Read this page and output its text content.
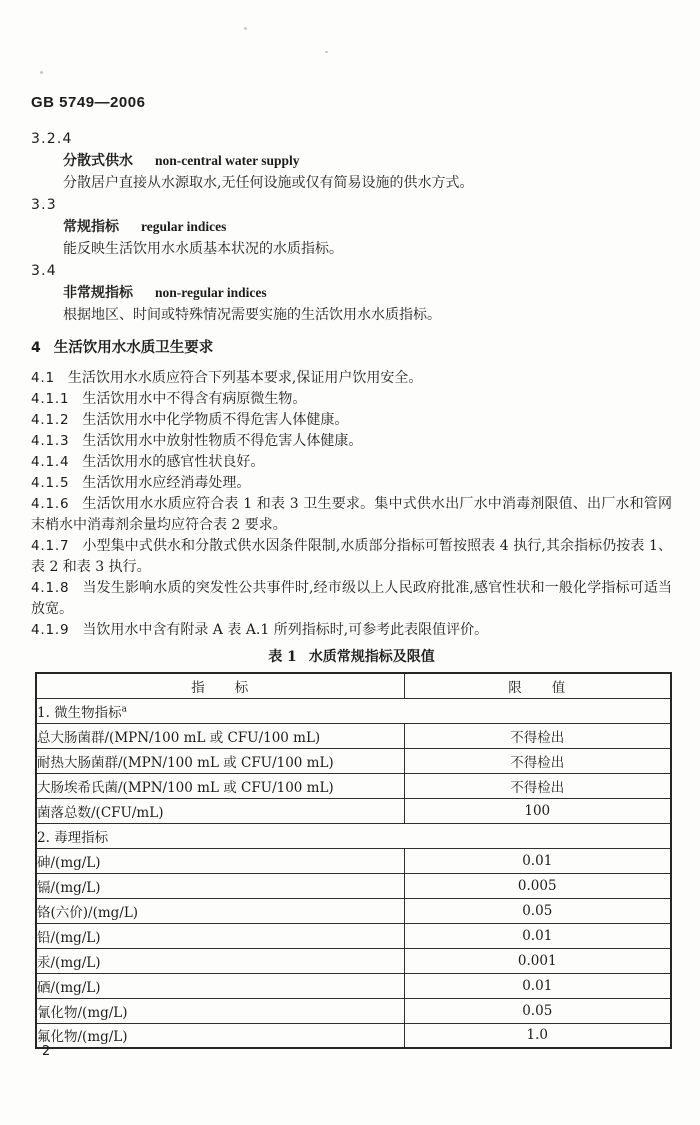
GB 5749—2006

3.2.4

分散式供水 non-central water supply

分散居户直接从水源取水,无任何设施或仅有简易设施的供水方式。

3.3

常规指标 regular indices

能反映生活饮用水水质基本状况的水质指标。

3.4

非常规指标 non-regular indices

根据地区、时间或特殊情况需要实施的生活饮用水水质指标。

4 生活饮用水水质卫生要求

4.1 生活饮用水水质应符合下列基本要求,保证用户饮用安全。

4.1.1 生活饮用水中不得含有病原微生物。

4.1.2 生活饮用水中化学物质不得危害人体健康。

4.1.3 生活饮用水中放射性物质不得危害人体健康。

4.1.4 生活饮用水的感官性状良好。

4.1.5 生活饮用水应经消毒处理。

4.1.6 生活饮用水水质应符合表 1 和表 3 卫生要求。集中式供水出厂水中消毒剂限值、出厂水和管网末梢水中消毒剂余量均应符合表 2 要求。

4.1.7 小型集中式供水和分散式供水因条件限制,水质部分指标可暂按照表 4 执行,其余指标仍按表 1、表 2 和表 3 执行。

4.1.8 当发生影响水质的突发性公共事件时,经市级以上人民政府批准,感官性状和一般化学指标可适当放宽。

4.1.9 当饮用水中含有附录 A 表 A.1 所列指标时,可参考此表限值评价。

表 1 水质常规指标及限值

指　　标	限　　值
1. 微生物指标$^a$
总大肠菌群/(MPN/100 mL 或 CFU/100 mL)	不得检出
耐热大肠菌群/(MPN/100 mL 或 CFU/100 mL)	不得检出
大肠埃希氏菌/(MPN/100 mL 或 CFU/100 mL)	不得检出
菌落总数/(CFU/mL)	100
2. 毒理指标	
砷/(mg/L)	0.01
镉/(mg/L)	0.005
铬(六价)/(mg/L)	0.05
铅/(mg/L)	0.01
汞/(mg/L)	0.001
硒/(mg/L)	0.01
氰化物/(mg/L)	0.05
氟化物/(mg/L)	1.0
2
